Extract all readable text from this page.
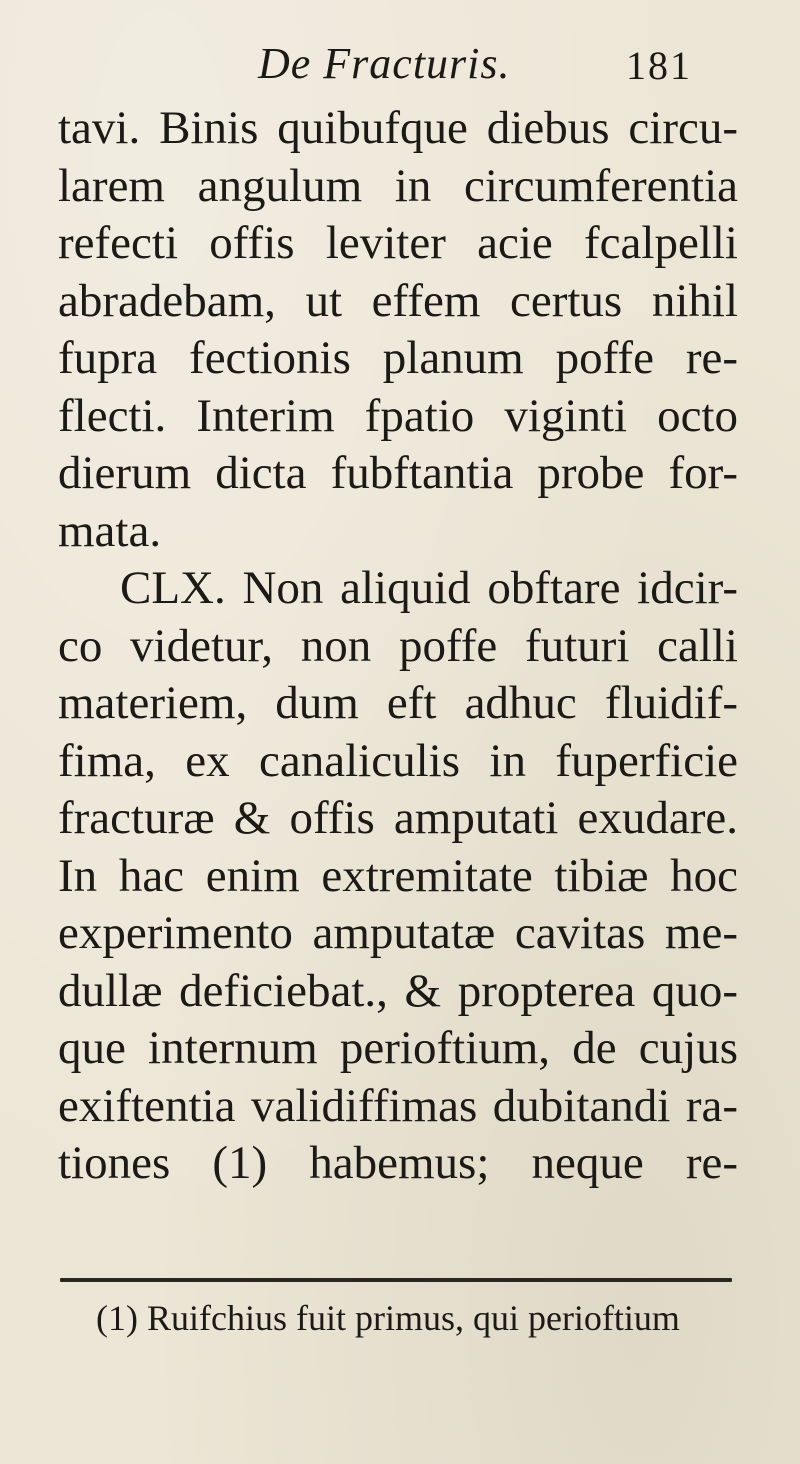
De Fracturis.	181
tavi. Binis quibufque diebus circu-
larem angulum in circumferentia
refecti offis leviter acie fcalpelli
abradebam, ut effem certus nihil
fupra fectionis planum poffe re-
flecti. Interim fpatio viginti octo
dierum dicta fubftantia probe for-
mata.
CLX. Non aliquid obftare idcir-
co videtur, non poffe futuri calli
materiem, dum eft adhuc fluidif-
fima, ex canaliculis in fuperficie
fracturæ & offis amputati exudare.
In hac enim extremitate tibiæ hoc
experimento amputatæ cavitas me-
dullæ deficiebat., & propterea quo-
que internum perioftium, de cujus
exiftentia validiffimas dubitandi ra-
tiones (1) habemus; neque re-
(1) Ruifchius fuit primus, qui perioftium
